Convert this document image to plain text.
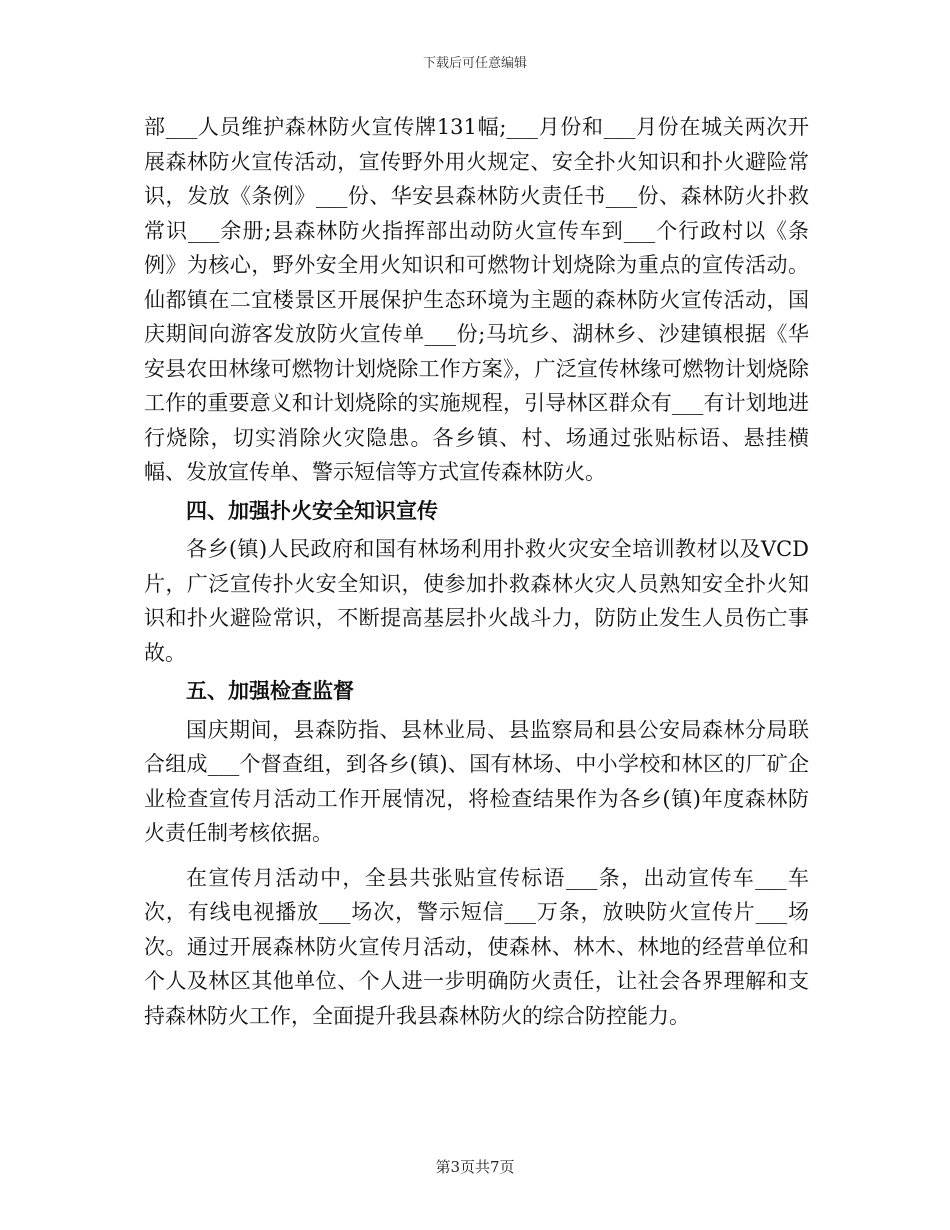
下载后可任意编辑

部___人员维护森林防火宣传牌131幅;___月份和___月份在城关两次开展森林防火宣传活动，宣传野外用火规定、安全扑火知识和扑火避险常识，发放《条例》___份、华安县森林防火责任书___份、森林防火扑救常识___余册;县森林防火指挥部出动防火宣传车到___个行政村以《条例》为核心，野外安全用火知识和可燃物计划烧除为重点的宣传活动。仙都镇在二宜楼景区开展保护生态环境为主题的森林防火宣传活动，国庆期间向游客发放防火宣传单___份;马坑乡、湖林乡、沙建镇根据《华安县农田林缘可燃物计划烧除工作方案》，广泛宣传林缘可燃物计划烧除工作的重要意义和计划烧除的实施规程，引导林区群众有___有计划地进行烧除，切实消除火灾隐患。各乡镇、村、场通过张贴标语、悬挂横幅、发放宣传单、警示短信等方式宣传森林防火。

四、加强扑火安全知识宣传

各乡(镇)人民政府和国有林场利用扑救火灾安全培训教材以及VCD片，广泛宣传扑火安全知识，使参加扑救森林火灾人员熟知安全扑火知识和扑火避险常识，不断提高基层扑火战斗力，防防止发生人员伤亡事故。

五、加强检查监督

国庆期间，县森防指、县林业局、县监察局和县公安局森林分局联合组成___个督查组，到各乡(镇)、国有林场、中小学校和林区的厂矿企业检查宣传月活动工作开展情况，将检查结果作为各乡(镇)年度森林防火责任制考核依据。

在宣传月活动中，全县共张贴宣传标语___条，出动宣传车___车次，有线电视播放___场次，警示短信___万条，放映防火宣传片___场次。通过开展森林防火宣传月活动，使森林、林木、林地的经营单位和个人及林区其他单位、个人进一步明确防火责任，让社会各界理解和支持森林防火工作，全面提升我县森林防火的综合防控能力。

第3页共7页
